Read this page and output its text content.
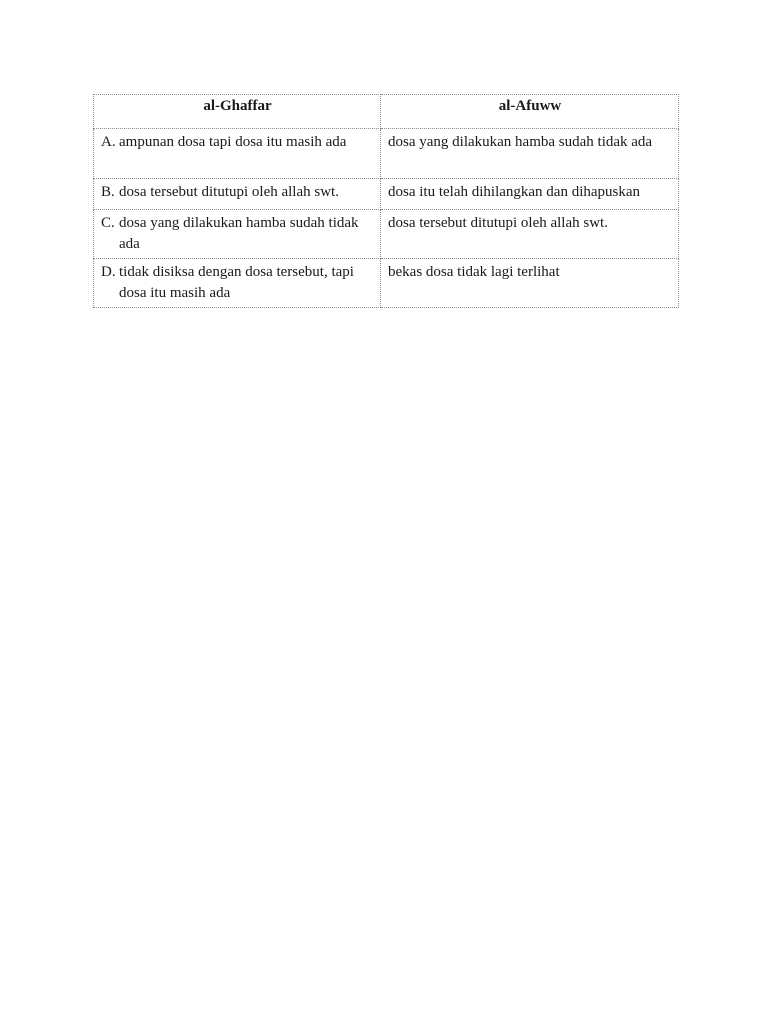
al-Ghaffar	al-Afuww

A. ampunan dosa tapi dosa itu masih ada	dosa yang dilakukan hamba sudah tidak ada

B. dosa tersebut ditutupi oleh allah swt.	dosa itu telah dihilangkan dan dihapuskan

C. dosa yang dilakukan hamba sudah tidak ada	dosa tersebut ditutupi oleh allah swt.

D. tidak disiksa dengan dosa tersebut, tapi dosa itu masih ada	bekas dosa tidak lagi terlihat
